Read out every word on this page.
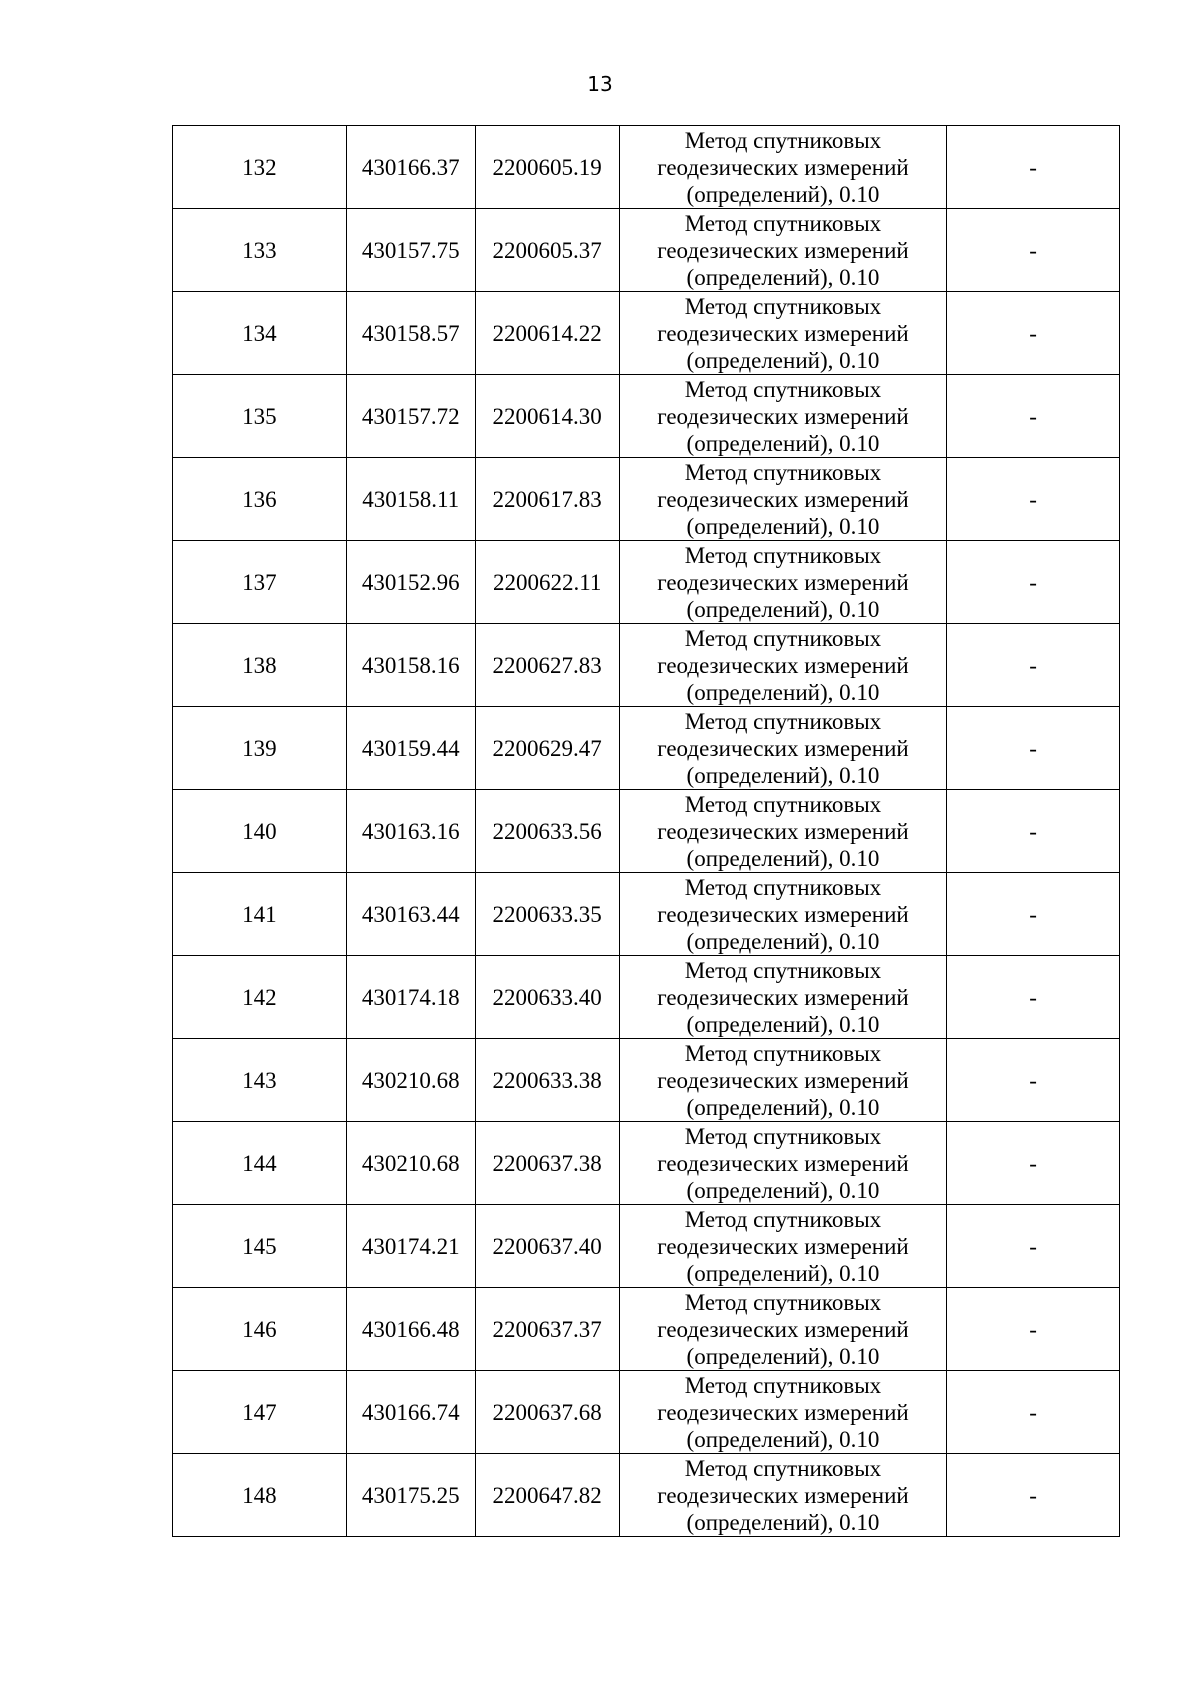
13
132	430166.37	2200605.19	Метод спутниковых
геодезических измерений
(определений), 0.10	-
133	430157.75	2200605.37	Метод спутниковых
геодезических измерений
(определений), 0.10	-
134	430158.57	2200614.22	Метод спутниковых
геодезических измерений
(определений), 0.10	-
135	430157.72	2200614.30	Метод спутниковых
геодезических измерений
(определений), 0.10	-
136	430158.11	2200617.83	Метод спутниковых
геодезических измерений
(определений), 0.10	-
137	430152.96	2200622.11	Метод спутниковых
геодезических измерений
(определений), 0.10	-
138	430158.16	2200627.83	Метод спутниковых
геодезических измерений
(определений), 0.10	-
139	430159.44	2200629.47	Метод спутниковых
геодезических измерений
(определений), 0.10	-
140	430163.16	2200633.56	Метод спутниковых
геодезических измерений
(определений), 0.10	-
141	430163.44	2200633.35	Метод спутниковых
геодезических измерений
(определений), 0.10	-
142	430174.18	2200633.40	Метод спутниковых
геодезических измерений
(определений), 0.10	-
143	430210.68	2200633.38	Метод спутниковых
геодезических измерений
(определений), 0.10	-
144	430210.68	2200637.38	Метод спутниковых
геодезических измерений
(определений), 0.10	-
145	430174.21	2200637.40	Метод спутниковых
геодезических измерений
(определений), 0.10	-
146	430166.48	2200637.37	Метод спутниковых
геодезических измерений
(определений), 0.10	-
147	430166.74	2200637.68	Метод спутниковых
геодезических измерений
(определений), 0.10	-
148	430175.25	2200647.82	Метод спутниковых
геодезических измерений
(определений), 0.10	-
